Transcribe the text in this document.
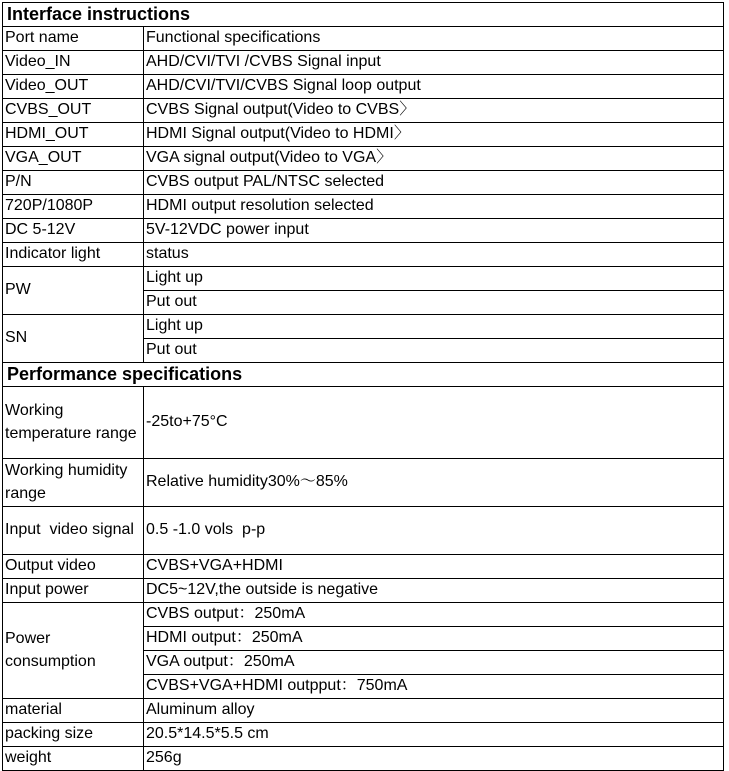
Interface instructions	
Port name	Functional specifications
Video_IN	AHD/CVI/TVI /CVBS Signal input
Video_OUT	AHD/CVI/TVI/CVBS Signal loop output
CVBS_OUT	CVBS Signal output(Video to CVBS〉
HDMI_OUT	HDMI Signal output(Video to HDMI〉
VGA_OUT	VGA signal output(Video to VGA〉
P/N	CVBS output PAL/NTSC selected
720P/1080P	HDMI output resolution selected
DC 5-12V	5V-12VDC power input
Indicator light	status
PW	Light up
	Put out
SN	Light up
	Put out
Performance specifications	
Working temperature range	-25to+75°C
Working humidity range	Relative humidity30%～85%
Input  video signal	0.5 -1.0 vols  p-p
Output video	CVBS+VGA+HDMI
Input power	DC5~12V,the outside is negative
Power consumption	CVBS output：250mA
	HDMI output：250mA
	VGA output：250mA
	CVBS+VGA+HDMI outpput：750mA
material	Aluminum alloy
packing size	20.5*14.5*5.5 cm
weight	256g
